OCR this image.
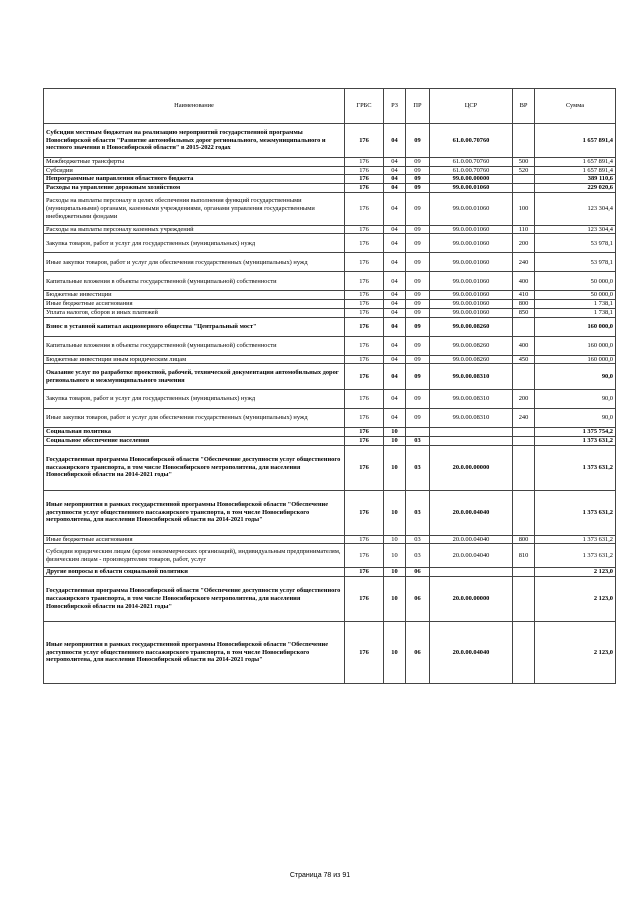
Наименование	ГРБС	РЗ	ПР	ЦСР	ВР	Сумма
Субсидии местным бюджетам на реализацию мероприятий государственной программы Новосибирской области "Развитие автомобильных дорог регионального, межмуниципального и местного значения в Новосибирской области" в 2015-2022 годах	176	04	09	61.0.00.70760		1 657 891,4
Межбюджетные трансферты	176	04	09	61.0.00.70760	500	1 657 891,4
Субсидии	176	04	09	61.0.00.70760	520	1 657 891,4
Непрограммные направления областного бюджета	176	04	09	99.0.00.00000		389 110,6
Расходы на управление дорожным хозяйством	176	04	09	99.0.00.01060		229 020,6
Расходы на выплаты персоналу в целях обеспечения выполнения функций государственными (муниципальными) органами, казенными учреждениями, органами управления государственными внебюджетными фондами	176	04	09	99.0.00.01060	100	123 304,4
Расходы на выплаты персоналу казенных учреждений	176	04	09	99.0.00.01060	110	123 304,4
Закупка товаров, работ и услуг для государственных (муниципальных) нужд	176	04	09	99.0.00.01060	200	53 978,1
Иные закупки товаров, работ и услуг для обеспечения государственных (муниципальных) нужд	176	04	09	99.0.00.01060	240	53 978,1
Капитальные вложения в объекты государственной (муниципальной) собственности	176	04	09	99.0.00.01060	400	50 000,0
Бюджетные инвестиции	176	04	09	99.0.00.01060	410	50 000,0
Иные бюджетные ассигнования	176	04	09	99.0.00.01060	800	1 738,1
Уплата налогов, сборов и иных платежей	176	04	09	99.0.00.01060	850	1 738,1
Взнос в уставной капитал акционерного общества "Центральный мост"	176	04	09	99.0.00.08260		160 000,0
Капитальные вложения в объекты государственной (муниципальной) собственности	176	04	09	99.0.00.08260	400	160 000,0
Бюджетные инвестиции иным юридическим лицам	176	04	09	99.0.00.08260	450	160 000,0
Оказание услуг по разработке проектной, рабочей, технической документации автомобильных дорог регионального и межмуниципального значения	176	04	09	99.0.00.08310		90,0
Закупка товаров, работ и услуг для государственных (муниципальных) нужд	176	04	09	99.0.00.08310	200	90,0
Иные закупки товаров, работ и услуг для обеспечения государственных (муниципальных) нужд	176	04	09	99.0.00.08310	240	90,0
Социальная политика	176	10				1 375 754,2
Социальное обеспечение населения	176	10	03			1 373 631,2
Государственная программа Новосибирской области "Обеспечение доступности услуг общественного пассажирского транспорта, в том числе Новосибирского метрополитена, для населения Новосибирской области на 2014-2021 годы"	176	10	03	20.0.00.00000		1 373 631,2
Иные мероприятия в рамках государственной программы Новосибирской области "Обеспечение доступности услуг общественного пассажирского транспорта, в том числе Новосибирского метрополитена, для населения Новосибирской области на 2014-2021 годы"	176	10	03	20.0.00.04040		1 373 631,2
Иные бюджетные ассигнования	176	10	03	20.0.00.04040	800	1 373 631,2
Субсидии юридическим лицам (кроме некоммерческих организаций), индивидуальным предпринимателям, физическим лицам - производителям товаров, работ, услуг	176	10	03	20.0.00.04040	810	1 373 631,2
Другие вопросы в области социальной политики	176	10	06			2 123,0
Государственная программа Новосибирской области "Обеспечение доступности услуг общественного пассажирского транспорта, в том числе Новосибирского метрополитена, для населения Новосибирской области на 2014-2021 годы"	176	10	06	20.0.00.00000		2 123,0
Иные мероприятия в рамках государственной программы Новосибирской области "Обеспечение доступности услуг общественного пассажирского транспорта, в том числе Новосибирского метрополитена, для населения Новосибирской области на 2014-2021 годы"	176	10	06	20.0.00.04040		2 123,0
Страница 78 из 91
